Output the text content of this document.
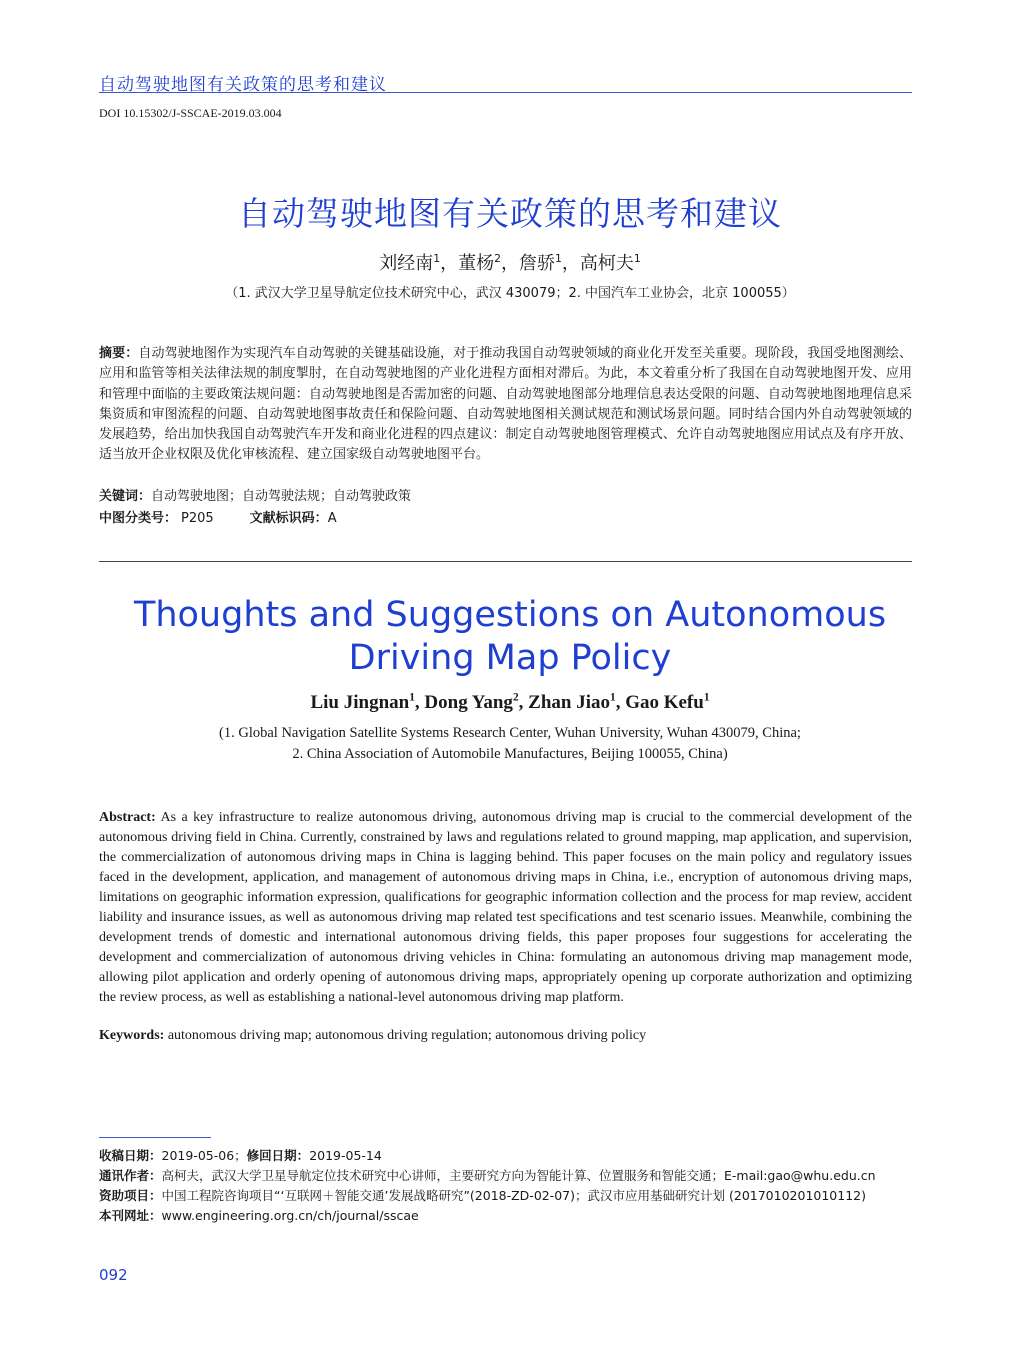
自动驾驶地图有关政策的思考和建议
DOI 10.15302/J-SSCAE-2019.03.004
自动驾驶地图有关政策的思考和建议
刘经南$^1$，董杨$^2$，詹骄$^1$，高柯夫$^1$
（1. 武汉大学卫星导航定位技术研究中心，武汉 430079；2. 中国汽车工业协会，北京 100055）
摘要：自动驾驶地图作为实现汽车自动驾驶的关键基础设施，对于推动我国自动驾驶领域的商业化开发至关重要。现阶段，我国受地图测绘、应用和监管等相关法律法规的制度掣肘，在自动驾驶地图的产业化进程方面相对滞后。为此，本文着重分析了我国在自动驾驶地图开发、应用和管理中面临的主要政策法规问题：自动驾驶地图是否需加密的问题、自动驾驶地图部分地理信息表达受限的问题、自动驾驶地图地理信息采集资质和审图流程的问题、自动驾驶地图事故责任和保险问题、自动驾驶地图相关测试规范和测试场景问题。同时结合国内外自动驾驶领域的发展趋势，给出加快我国自动驾驶汽车开发和商业化进程的四点建议：制定自动驾驶地图管理模式、允许自动驾驶地图应用试点及有序开放、适当放开企业权限及优化审核流程、建立国家级自动驾驶地图平台。
关键词：自动驾驶地图；自动驾驶法规；自动驾驶政策
中图分类号： P205	文献标识码：A
Thoughts and Suggestions on Autonomous
Driving Map Policy
Liu Jingnan$^1$, Dong Yang$^2$, Zhan Jiao$^1$, Gao Kefu$^1$
(1. Global Navigation Satellite Systems Research Center, Wuhan University, Wuhan 430079, China;
2. China Association of Automobile Manufactures, Beijing 100055, China)
Abstract: As a key infrastructure to realize autonomous driving, autonomous driving map is crucial to the commercial development of the autonomous driving field in China. Currently, constrained by laws and regulations related to ground mapping, map application, and supervision, the commercialization of autonomous driving maps in China is lagging behind. This paper focuses on the main policy and regulatory issues faced in the development, application, and management of autonomous driving maps in China, i.e., encryption of autonomous driving maps, limitations on geographic information expression, qualifications for geographic information collection and the process for map review, accident liability and insurance issues, as well as autonomous driving map related test specifications and test scenario issues. Meanwhile, combining the development trends of domestic and international autonomous driving fields, this paper proposes four suggestions for accelerating the development and commercialization of autonomous driving vehicles in China: formulating an autonomous driving map management mode, allowing pilot application and orderly opening of autonomous driving maps, appropriately opening up corporate authorization and optimizing the review process, as well as establishing a national-level autonomous driving map platform.
Keywords: autonomous driving map; autonomous driving regulation; autonomous driving policy
收稿日期：2019-05-06；修回日期：2019-05-14
通讯作者：高柯夫，武汉大学卫星导航定位技术研究中心讲师，主要研究方向为智能计算、位置服务和智能交通；E-mail:gao@whu.edu.cn
资助项目：中国工程院咨询项目“‘互联网＋智能交通’发展战略研究”(2018-ZD-02-07)；武汉市应用基础研究计划 (2017010201010112)
本刊网址：www.engineering.org.cn/ch/journal/sscae
092
